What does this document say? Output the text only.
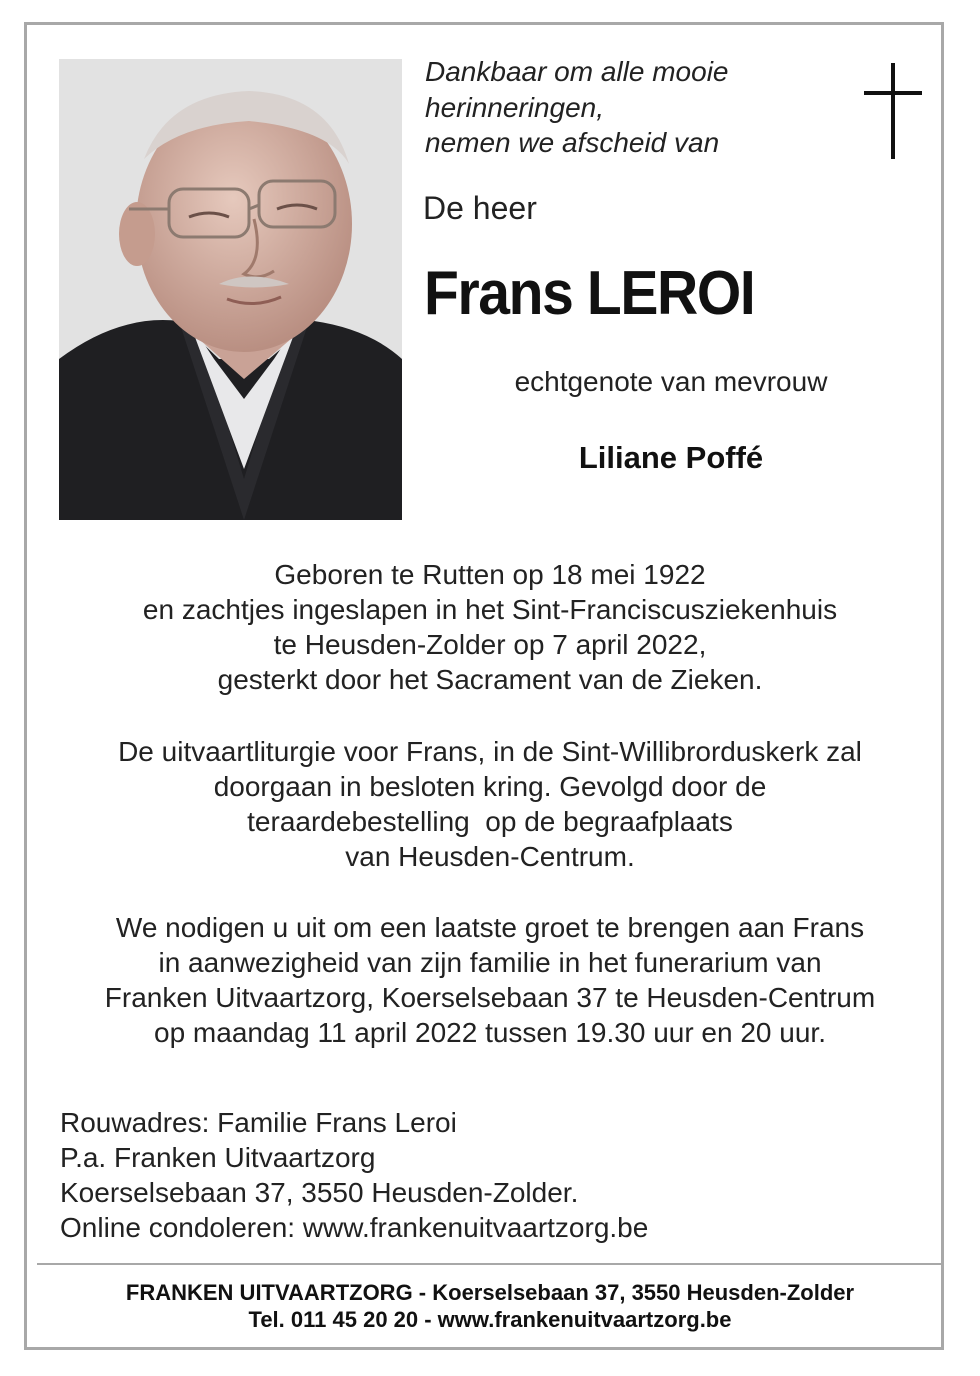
Dankbaar om alle mooie
herinneringen,
nemen we afscheid van
De heer
Frans LEROI
echtgenote van mevrouw
Liliane Poffé
Geboren te Rutten op 18 mei 1922
en zachtjes ingeslapen in het Sint-Franciscusziekenhuis
te Heusden-Zolder op 7 april 2022,
gesterkt door het Sacrament van de Zieken.
De uitvaartliturgie voor Frans, in de Sint-Willibrorduskerk zal
doorgaan in besloten kring. Gevolgd door de
teraardebestelling  op de begraafplaats
van Heusden-Centrum.
We nodigen u uit om een laatste groet te brengen aan Frans
in aanwezigheid van zijn familie in het funerarium van
Franken Uitvaartzorg, Koerselsebaan 37 te Heusden-Centrum
op maandag 11 april 2022 tussen 19.30 uur en 20 uur.
Rouwadres: Familie Frans Leroi
P.a. Franken Uitvaartzorg
Koerselsebaan 37, 3550 Heusden-Zolder.
Online condoleren: www.frankenuitvaartzorg.be
FRANKEN UITVAARTZORG - Koerselsebaan 37, 3550 Heusden-Zolder
Tel. 011 45 20 20 - www.frankenuitvaartzorg.be
